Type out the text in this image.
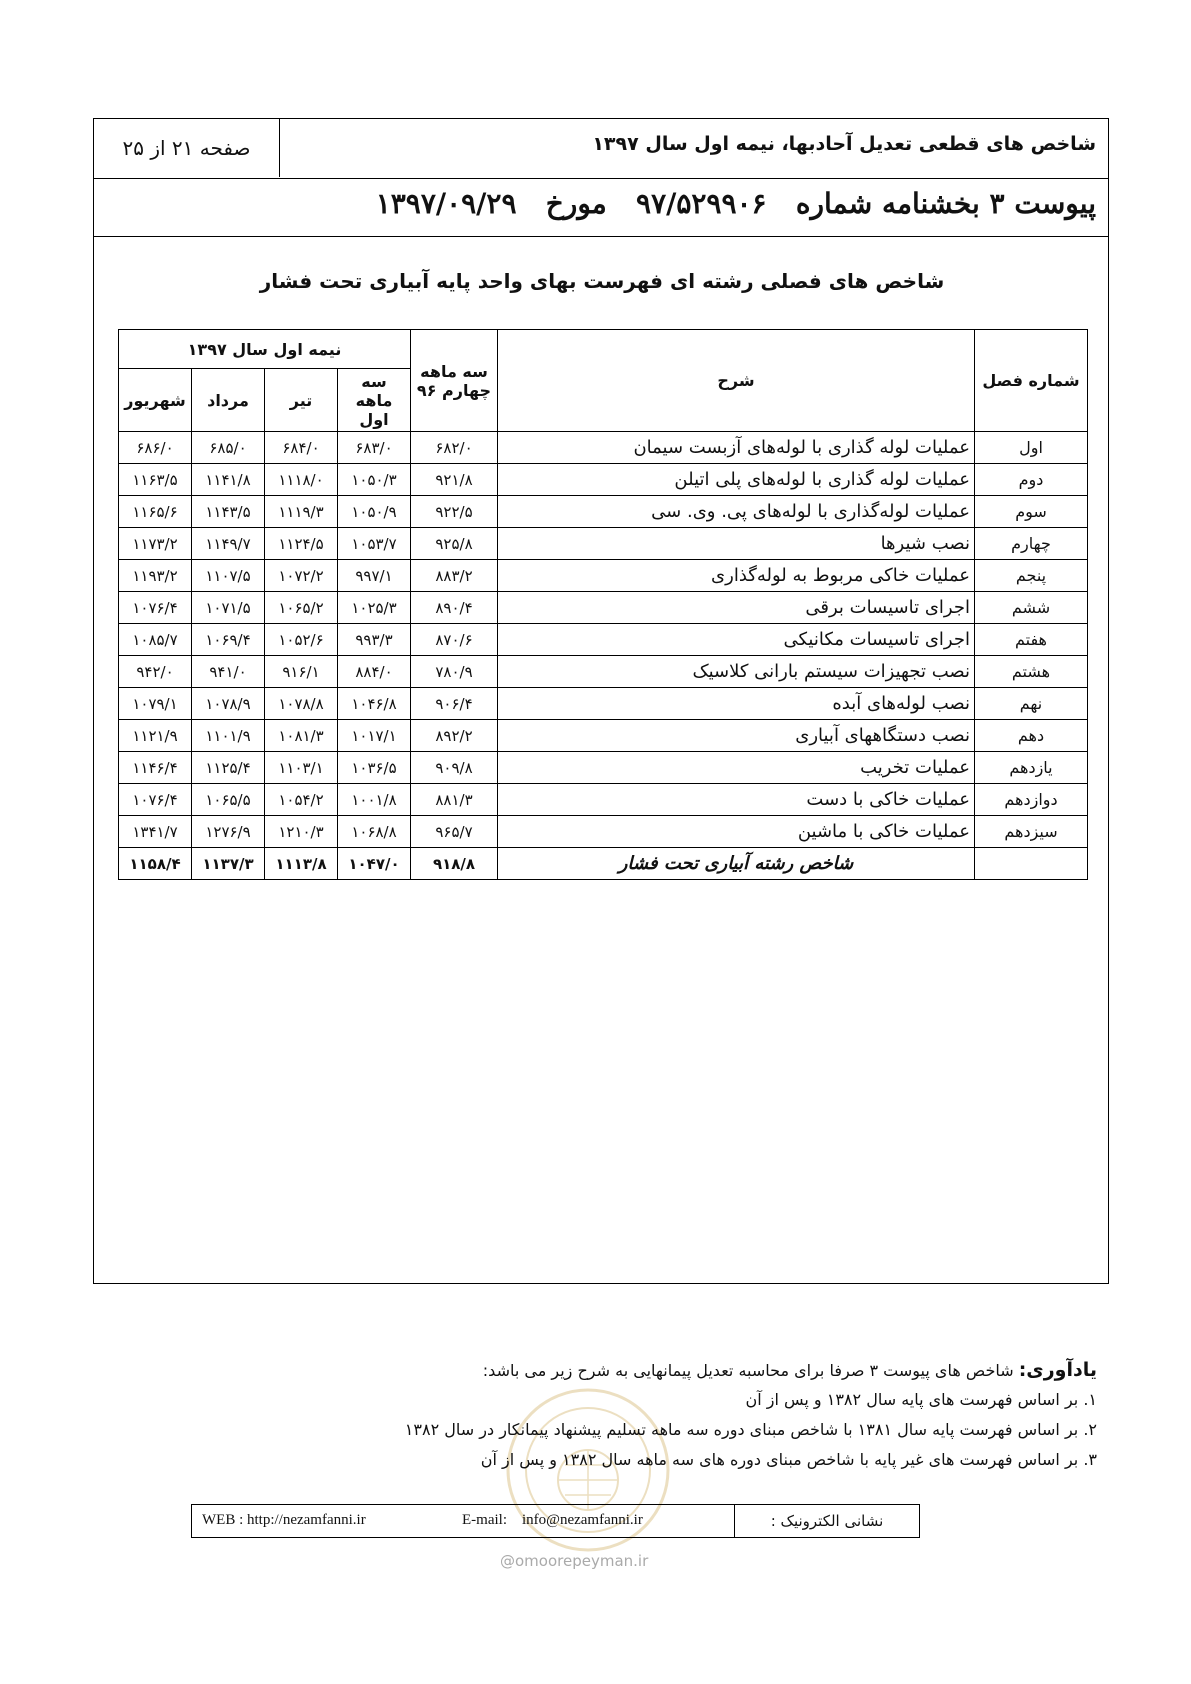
شاخص های قطعی تعدیل آحادبها، نیمه اول سال ۱۳۹۷
صفحه ۲۱ از ۲۵
پیوست ۳ بخشنامه شماره   ۹۷/۵۲۹۹۰۶   مورخ   ۱۳۹۷/۰۹/۲۹
شاخص های فصلی رشته ای فهرست بهای واحد پایه آبیاری تحت فشار
شماره فصل	شرح	سه ماهه چهارم ۹۶	نیمه اول سال ۱۳۹۷			
			سه ماهه اول	تیر	مرداد	شهریور
اول	عملیات لوله گذاری با لوله‌های آزبست سیمان	۶۸۲/۰	۶۸۳/۰	۶۸۴/۰	۶۸۵/۰	۶۸۶/۰
دوم	عملیات لوله گذاری با لوله‌های پلی اتیلن	۹۲۱/۸	۱۰۵۰/۳	۱۱۱۸/۰	۱۱۴۱/۸	۱۱۶۳/۵
سوم	عملیات لوله‌گذاری با لوله‌های پی. وی. سی	۹۲۲/۵	۱۰۵۰/۹	۱۱۱۹/۳	۱۱۴۳/۵	۱۱۶۵/۶
چهارم	نصب شیرها	۹۲۵/۸	۱۰۵۳/۷	۱۱۲۴/۵	۱۱۴۹/۷	۱۱۷۳/۲
پنجم	عملیات خاکی مربوط به لوله‌گذاری	۸۸۳/۲	۹۹۷/۱	۱۰۷۲/۲	۱۱۰۷/۵	۱۱۹۳/۲
ششم	اجرای تاسیسات برقی	۸۹۰/۴	۱۰۲۵/۳	۱۰۶۵/۲	۱۰۷۱/۵	۱۰۷۶/۴
هفتم	اجرای تاسیسات مکانیکی	۸۷۰/۶	۹۹۳/۳	۱۰۵۲/۶	۱۰۶۹/۴	۱۰۸۵/۷
هشتم	نصب تجهیزات سیستم بارانی کلاسیک	۷۸۰/۹	۸۸۴/۰	۹۱۶/۱	۹۴۱/۰	۹۴۲/۰
نهم	نصب لوله‌های آبده	۹۰۶/۴	۱۰۴۶/۸	۱۰۷۸/۸	۱۰۷۸/۹	۱۰۷۹/۱
دهم	نصب دستگاههای آبیاری	۸۹۲/۲	۱۰۱۷/۱	۱۰۸۱/۳	۱۱۰۱/۹	۱۱۲۱/۹
یازدهم	عملیات تخریب	۹۰۹/۸	۱۰۳۶/۵	۱۱۰۳/۱	۱۱۲۵/۴	۱۱۴۶/۴
دوازدهم	عملیات خاکی با دست	۸۸۱/۳	۱۰۰۱/۸	۱۰۵۴/۲	۱۰۶۵/۵	۱۰۷۶/۴
سیزدهم	عملیات خاکی با ماشین	۹۶۵/۷	۱۰۶۸/۸	۱۲۱۰/۳	۱۲۷۶/۹	۱۳۴۱/۷
	شاخص رشته آبیاری تحت فشار	۹۱۸/۸	۱۰۴۷/۰	۱۱۱۳/۸	۱۱۳۷/۳	۱۱۵۸/۴
یادآوری: شاخص های پیوست ۳ صرفا برای محاسبه تعدیل پیمانهایی به شرح زیر می باشد:
۱. بر اساس فهرست های پایه سال ۱۳۸۲ و پس از آن
۲. بر اساس فهرست پایه سال ۱۳۸۱ با شاخص مبنای دوره سه ماهه تسلیم پیشنهاد پیمانکار در سال ۱۳۸۲
۳. بر اساس فهرست های غیر پایه با شاخص مبنای دوره های سه ماهه سال ۱۳۸۲ و پس از آن
نشانی الکترونیک :
E-mail:    info@nezamfanni.ir
WEB : http://nezamfanni.ir
@omoorepeyman.ir
